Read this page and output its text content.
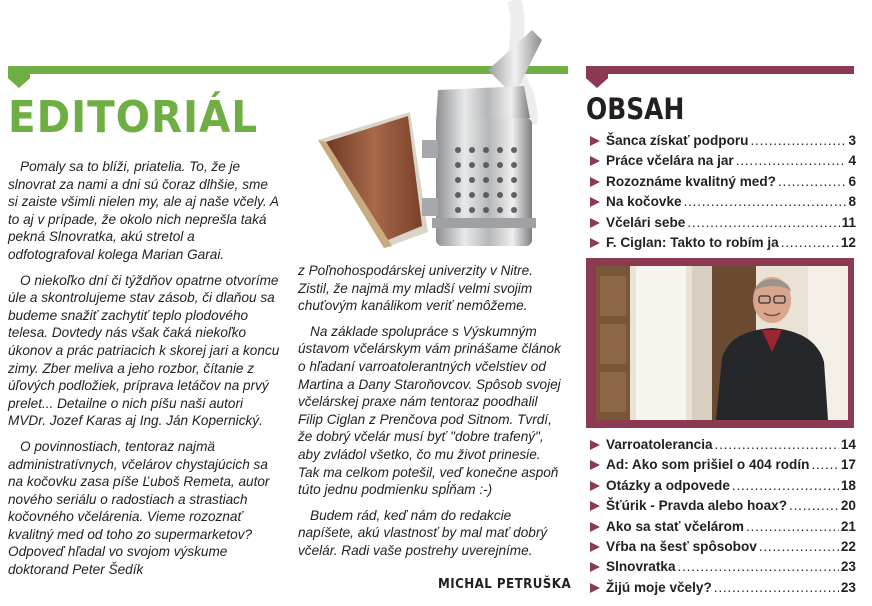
EDITORIÁL

Pomaly sa to blíži, priatelia. To, že je slnovrat za nami a dni sú čoraz dlhšie, sme si zaiste všimli nielen my, ale aj naše včely. A to aj v prípade, že okolo nich neprešla taká pekná Slnovratka, akú stretol a odfotografoval kolega Marian Garai.

O niekoľko dní či týždňov opatrne otvoríme úle a skontrolujeme stav zásob, či dlaňou sa budeme snažiť zachytiť teplo plodového telesa. Dovtedy nás však čaká niekoľko úkonov a prác patriacich k skorej jari a koncu zimy. Zber meliva a jeho rozbor, čítanie z úľových podložiek, príprava letáčov na prvý prelet... Detailne o nich píšu naši autori MVDr. Jozef Karas aj Ing. Ján Kopernický.

O povinnostiach, tentoraz najmä administratívnych, včelárov chystajúcich sa na kočovku zasa píše Ľuboš Remeta, autor nového seriálu o radostiach a strastiach kočovného včelárenia. Vieme rozoznať kvalitný med od toho zo supermarketov? Odpoveď hľadal vo svojom výskume doktorand Peter Šedík

z Poľnohospodárskej univerzity v Nitre. Zistil, že najmä my mladší velmi svojim chuťovým kanálikom veriť nemôžeme.

Na základe spolupráce s Výskumným ústavom včelárskym vám prinášame článok o hľadaní varroatolerantných včelstiev od Martina a Dany Staroňovcov. Spôsob svojej včelárskej praxe nám tentoraz poodhalil Filip Ciglan z Prenčova pod Sitnom. Tvrdí, že dobrý včelár musí byť "dobre trafený", aby zvládol všetko, čo mu život prinesie. Tak ma celkom potešil, veď konečne aspoň túto jednu podmienku spĺňam :-)

Budem rád, keď nám do redakcie napíšete, akú vlastnosť by mal mať dobrý včelár. Radi vaše postrehy uverejníme.

MICHAL PETRUŠKA
OBSAH
Šanca získať podporu . . .	3
Práce včelára na jar . . .	4
Rozoznáme kvalitný med? . . .	6
Na kočovke . . .	8
Včelári sebe . . .	11
F. Ciglan: Takto to robím ja . . .	12
Varroatolerancia . . .	14
Ad: Ako som prišiel o 404 rodín . . . 17
Otázky a odpovede . . .	18
Šťúrik - Pravda alebo hoax? . . .	20
Ako sa stať včelárom . . .	21
Vŕba na šesť spôsobov . . .	22
Slnovratka . . .	23
Žijú moje včely? . . .	23
